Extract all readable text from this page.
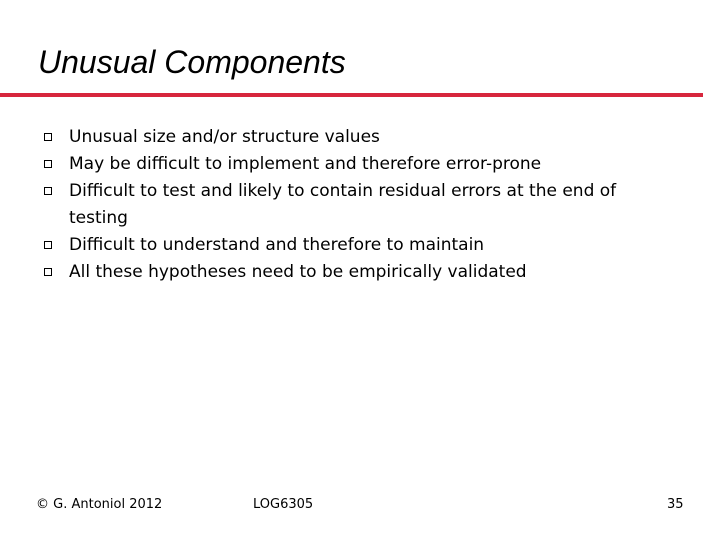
Unusual Components
Unusual size and/or structure values
May be difficult to implement and therefore error-prone
Difficult to test and likely to contain residual errors at the end of testing
Difficult to understand and therefore to maintain
All these hypotheses need to be empirically validated
© G. Antoniol 2012	LOG6305	35
